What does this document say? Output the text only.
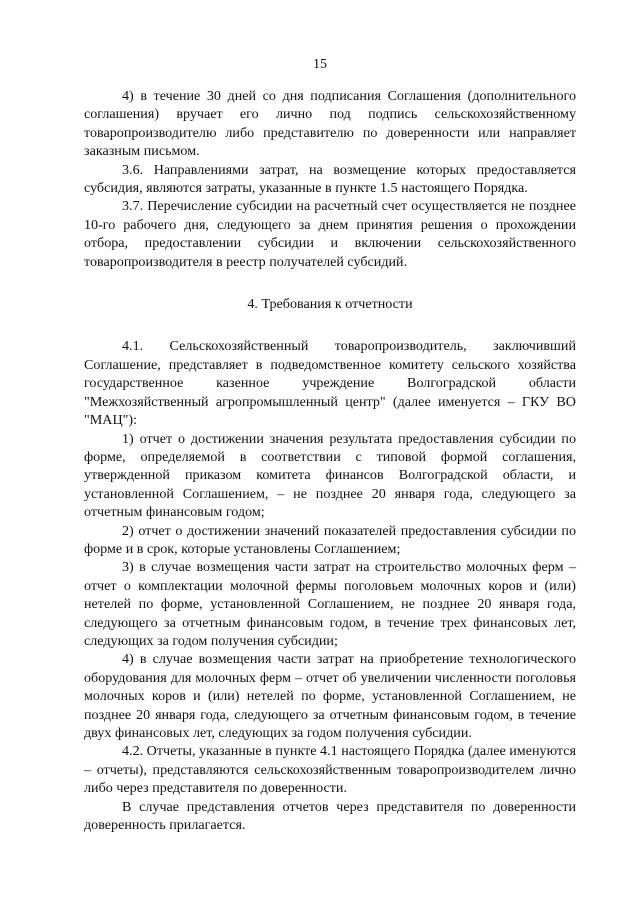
15

4) в течение 30 дней со дня подписания Соглашения (дополнительного соглашения) вручает его лично под подпись сельскохозяйственному товаропроизводителю либо представителю по доверенности или направляет заказным письмом.

3.6. Направлениями затрат, на возмещение которых предоставляется субсидия, являются затраты, указанные в пункте 1.5 настоящего Порядка.

3.7. Перечисление субсидии на расчетный счет осуществляется не позднее 10-го рабочего дня, следующего за днем принятия решения о прохождении отбора, предоставлении субсидии и включении сельскохозяйственного товаропроизводителя в реестр получателей субсидий.

4. Требования к отчетности

4.1. Сельскохозяйственный товаропроизводитель, заключивший Соглашение, представляет в подведомственное комитету сельского хозяйства государственное казенное учреждение Волгоградской области "Межхозяйственный агропромышленный центр" (далее именуется – ГКУ ВО "МАЦ"):

1) отчет о достижении значения результата предоставления субсидии по форме, определяемой в соответствии с типовой формой соглашения, утвержденной приказом комитета финансов Волгоградской области, и установленной Соглашением, – не позднее 20 января года, следующего за отчетным финансовым годом;

2) отчет о достижении значений показателей предоставления субсидии по форме и в срок, которые установлены Соглашением;

3) в случае возмещения части затрат на строительство молочных ферм – отчет о комплектации молочной фермы поголовьем молочных коров и (или) нетелей по форме, установленной Соглашением, не позднее 20 января года, следующего за отчетным финансовым годом, в течение трех финансовых лет, следующих за годом получения субсидии;

4) в случае возмещения части затрат на приобретение технологического оборудования для молочных ферм – отчет об увеличении численности поголовья молочных коров и (или) нетелей по форме, установленной Соглашением, не позднее 20 января года, следующего за отчетным финансовым годом, в течение двух финансовых лет, следующих за годом получения субсидии.

4.2. Отчеты, указанные в пункте 4.1 настоящего Порядка (далее именуются – отчеты), представляются сельскохозяйственным товаропроизводителем лично либо через представителя по доверенности.

В случае представления отчетов через представителя по доверенности доверенность прилагается.
